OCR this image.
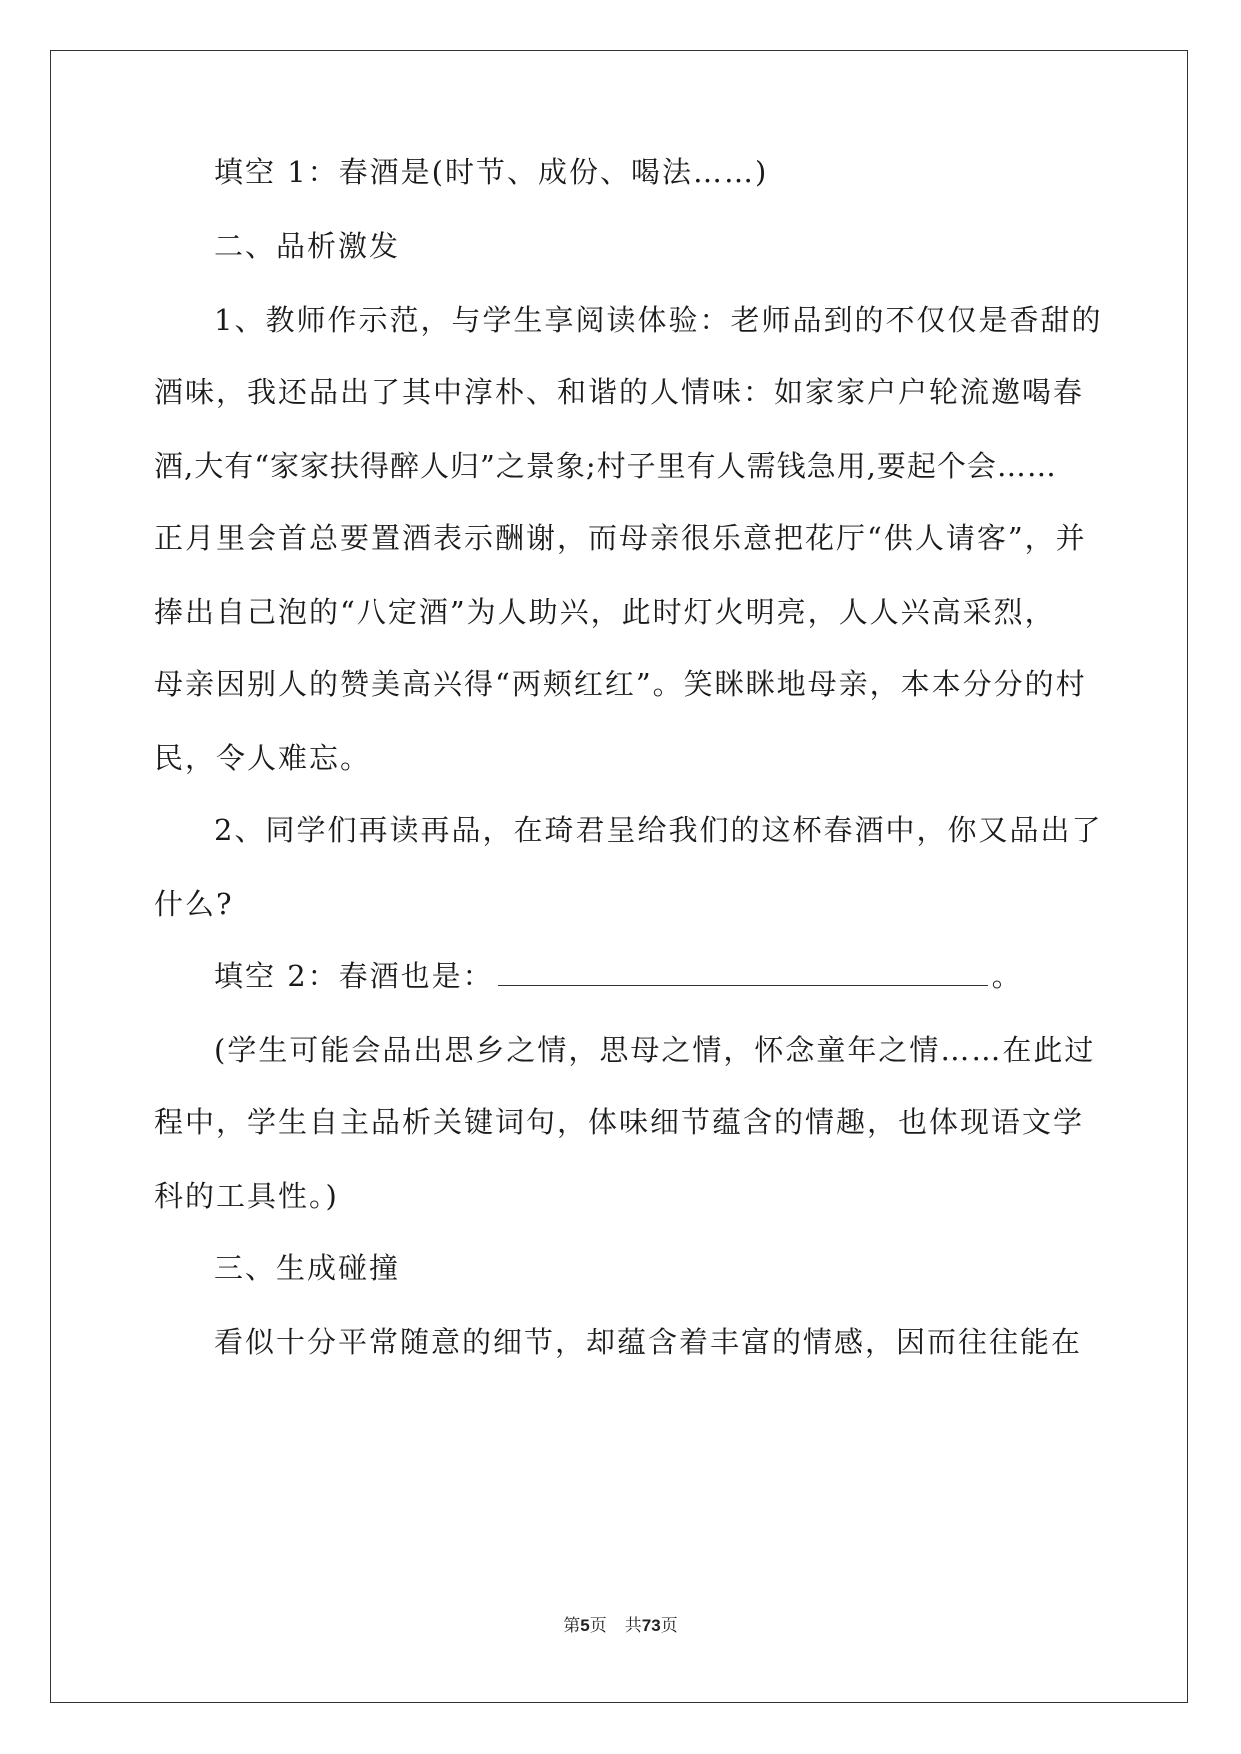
填空 1：春酒是(时节、成份、喝法……)
二、品析激发
1、教师作示范，与学生享阅读体验：老师品到的不仅仅是香甜的
酒味，我还品出了其中淳朴、和谐的人情味：如家家户户轮流邀喝春
酒,大有“家家扶得醉人归”之景象;村子里有人需钱急用,要起个会……
正月里会首总要置酒表示酬谢，而母亲很乐意把花厅“供人请客”，并
捧出自己泡的“八定酒”为人助兴，此时灯火明亮，人人兴高采烈，
母亲因别人的赞美高兴得“两颊红红”。笑眯眯地母亲，本本分分的村
民，令人难忘。
2、同学们再读再品，在琦君呈给我们的这杯春酒中，你又品出了
什么?
填空 2：春酒也是：	。
(学生可能会品出思乡之情，思母之情，怀念童年之情……在此过
程中，学生自主品析关键词句，体味细节蕴含的情趣，也体现语文学
科的工具性。)
三、生成碰撞
看似十分平常随意的细节，却蕴含着丰富的情感，因而往往能在
第5页 共73页
